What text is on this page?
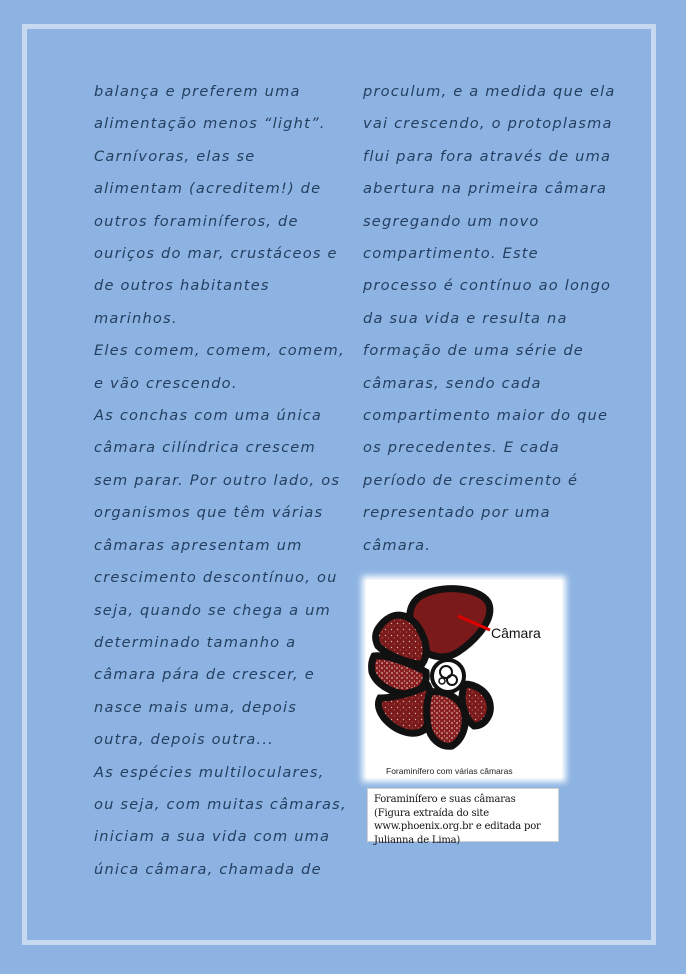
balança e preferem uma
alimentação menos “light”.
Carnívoras, elas se
alimentam (acreditem!) de
outros foraminíferos, de
ouriços do mar, crustáceos e
de outros habitantes
marinhos.
Eles comem, comem, comem,
e vão crescendo.
As conchas com uma única
câmara cilíndrica crescem
sem parar. Por outro lado, os
organismos que têm várias
câmaras apresentam um
crescimento descontínuo, ou
seja, quando se chega a um
determinado tamanho a
câmara pára de crescer, e
nasce mais uma, depois
outra, depois outra...
As espécies multiloculares,
ou seja, com muitas câmaras,
iniciam a sua vida com uma
única câmara, chamada de
proculum, e a medida que ela
vai crescendo, o protoplasma
flui para fora através de uma
abertura na primeira câmara
segregando um novo
compartimento. Este
processo é contínuo ao longo
da sua vida e resulta na
formação de uma série de
câmaras, sendo cada
compartimento maior do que
os precedentes. E cada
período de crescimento é
representado por uma
câmara.
Câmara
Foraminífero com várias câmaras
Foraminífero e suas câmaras (Figura extraída do site www.phoenix.org.br e editada por Julianna de Lima)
